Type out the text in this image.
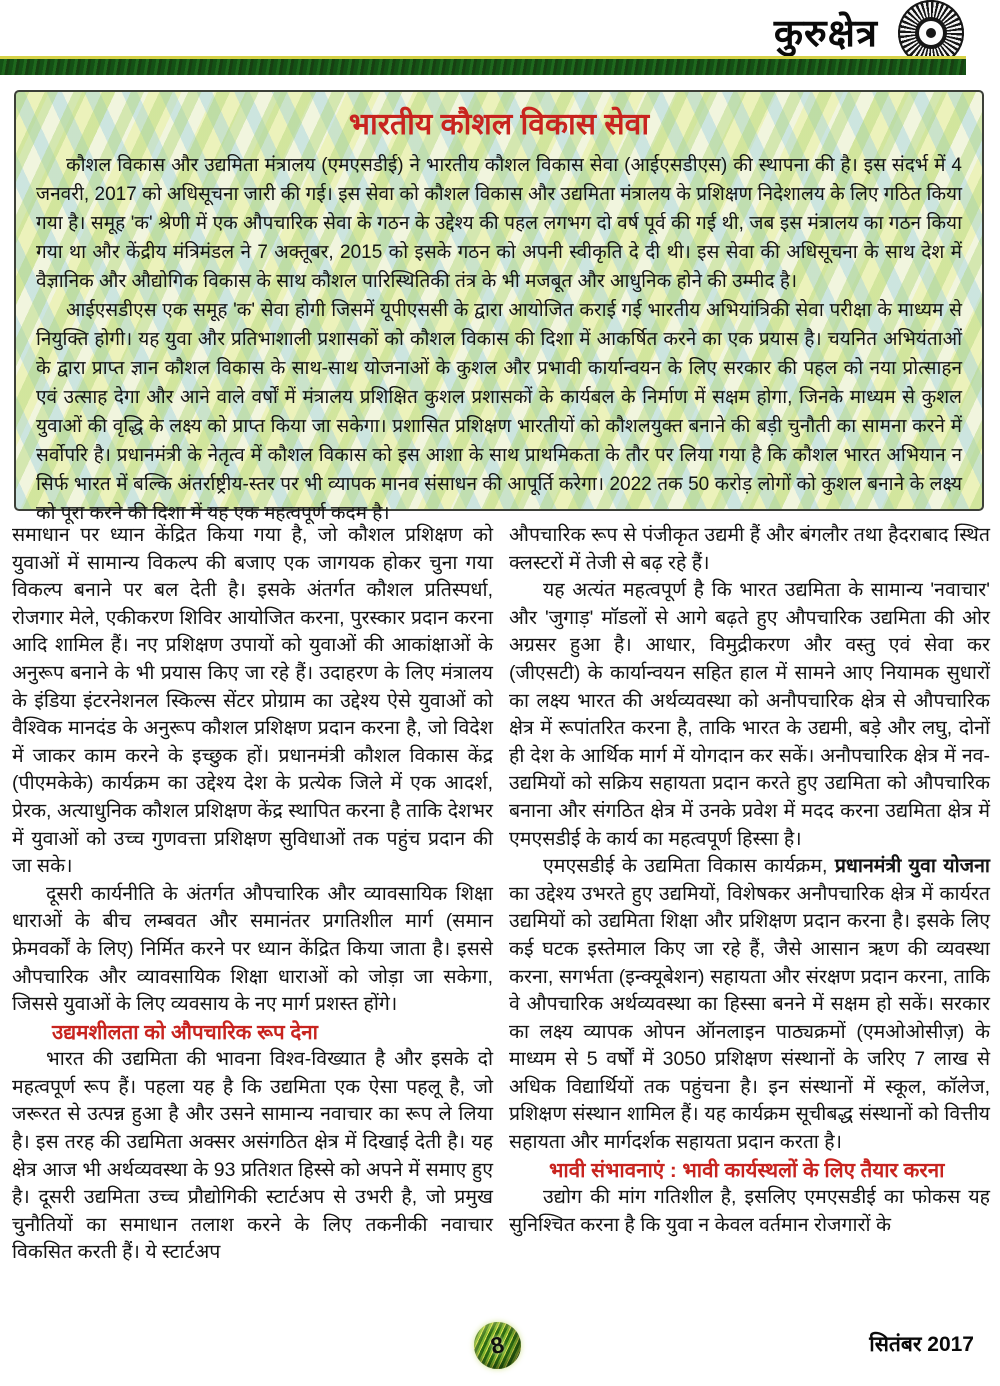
कुरुक्षेत्र
भारतीय कौशल विकास सेवा

कौशल विकास और उद्यमिता मंत्रालय (एमएसडीई) ने भारतीय कौशल विकास सेवा (आईएसडीएस) की स्थापना की है। इस संदर्भ में 4 जनवरी, 2017 को अधिसूचना जारी की गई। इस सेवा को कौशल विकास और उद्यमिता मंत्रालय के प्रशिक्षण निदेशालय के लिए गठित किया गया है। समूह 'क' श्रेणी में एक औपचारिक सेवा के गठन के उद्देश्य की पहल लगभग दो वर्ष पूर्व की गई थी, जब इस मंत्रालय का गठन किया गया था और केंद्रीय मंत्रिमंडल ने 7 अक्तूबर, 2015 को इसके गठन को अपनी स्वीकृति दे दी थी। इस सेवा की अधिसूचना के साथ देश में वैज्ञानिक और औद्योगिक विकास के साथ कौशल पारिस्थितिकी तंत्र के भी मजबूत और आधुनिक होने की उम्मीद है।

आईएसडीएस एक समूह 'क' सेवा होगी जिसमें यूपीएससी के द्वारा आयोजित कराई गई भारतीय अभियांत्रिकी सेवा परीक्षा के माध्यम से नियुक्ति होगी। यह युवा और प्रतिभाशाली प्रशासकों को कौशल विकास की दिशा में आकर्षित करने का एक प्रयास है। चयनित अभियंताओं के द्वारा प्राप्त ज्ञान कौशल विकास के साथ-साथ योजनाओं के कुशल और प्रभावी कार्यान्वयन के लिए सरकार की पहल को नया प्रोत्साहन एवं उत्साह देगा और आने वाले वर्षों में मंत्रालय प्रशिक्षित कुशल प्रशासकों के कार्यबल के निर्माण में सक्षम होगा, जिनके माध्यम से कुशल युवाओं की वृद्धि के लक्ष्य को प्राप्त किया जा सकेगा। प्रशासित प्रशिक्षण भारतीयों को कौशलयुक्त बनाने की बड़ी चुनौती का सामना करने में सर्वोपरि है। प्रधानमंत्री के नेतृत्व में कौशल विकास को इस आशा के साथ प्राथमिकता के तौर पर लिया गया है कि कौशल भारत अभियान न सिर्फ भारत में बल्कि अंतर्राष्ट्रीय-स्तर पर भी व्यापक मानव संसाधन की आपूर्ति करेगा। 2022 तक 50 करोड़ लोगों को कुशल बनाने के लक्ष्य को पूरा करने की दिशा में यह एक महत्वपूर्ण कदम है।

समाधान पर ध्यान केंद्रित किया गया है, जो कौशल प्रशिक्षण को युवाओं में सामान्य विकल्प की बजाए एक जागयक होकर चुना गया विकल्प बनाने पर बल देती है। इसके अंतर्गत कौशल प्रतिस्पर्धा, रोजगार मेले, एकीकरण शिविर आयोजित करना, पुरस्कार प्रदान करना आदि शामिल हैं। नए प्रशिक्षण उपायों को युवाओं की आकांक्षाओं के अनुरूप बनाने के भी प्रयास किए जा रहे हैं। उदाहरण के लिए मंत्रालय के इंडिया इंटरनेशनल स्किल्स सेंटर प्रोग्राम का उद्देश्य ऐसे युवाओं को वैश्विक मानदंड के अनुरूप कौशल प्रशिक्षण प्रदान करना है, जो विदेश में जाकर काम करने के इच्छुक हों। प्रधानमंत्री कौशल विकास केंद्र (पीएमकेके) कार्यक्रम का उद्देश्य देश के प्रत्येक जिले में एक आदर्श, प्रेरक, अत्याधुनिक कौशल प्रशिक्षण केंद्र स्थापित करना है ताकि देशभर में युवाओं को उच्च गुणवत्ता प्रशिक्षण सुविधाओं तक पहुंच प्रदान की जा सके।

दूसरी कार्यनीति के अंतर्गत औपचारिक और व्यावसायिक शिक्षा धाराओं के बीच लम्बवत और समानंतर प्रगतिशील मार्ग (समान फ्रेमवर्कों के लिए) निर्मित करने पर ध्यान केंद्रित किया जाता है। इससे औपचारिक और व्यावसायिक शिक्षा धाराओं को जोड़ा जा सकेगा, जिससे युवाओं के लिए व्यवसाय के नए मार्ग प्रशस्त होंगे।

उद्यमशीलता को औपचारिक रूप देना

भारत की उद्यमिता की भावना विश्व-विख्यात है और इसके दो महत्वपूर्ण रूप हैं। पहला यह है कि उद्यमिता एक ऐसा पहलू है, जो जरूरत से उत्पन्न हुआ है और उसने सामान्य नवाचार का रूप ले लिया है। इस तरह की उद्यमिता अक्सर असंगठित क्षेत्र में दिखाई देती है। यह क्षेत्र आज भी अर्थव्यवस्था के 93 प्रतिशत हिस्से को अपने में समाए हुए है। दूसरी उद्यमिता उच्च प्रौद्योगिकी स्टार्टअप से उभरी है, जो प्रमुख चुनौतियों का समाधान तलाश करने के लिए तकनीकी नवाचार विकसित करती हैं। ये स्टार्टअप

औपचारिक रूप से पंजीकृत उद्यमी हैं और बंगलौर तथा हैदराबाद स्थित क्लस्टरों में तेजी से बढ़ रहे हैं।

यह अत्यंत महत्वपूर्ण है कि भारत उद्यमिता के सामान्य 'नवाचार' और 'जुगाड़' मॉडलों से आगे बढ़ते हुए औपचारिक उद्यमिता की ओर अग्रसर हुआ है। आधार, विमुद्रीकरण और वस्तु एवं सेवा कर (जीएसटी) के कार्यान्वयन सहित हाल में सामने आए नियामक सुधारों का लक्ष्य भारत की अर्थव्यवस्था को अनौपचारिक क्षेत्र से औपचारिक क्षेत्र में रूपांतरित करना है, ताकि भारत के उद्यमी, बड़े और लघु, दोनों ही देश के आर्थिक मार्ग में योगदान कर सकें। अनौपचारिक क्षेत्र में नव-उद्यमियों को सक्रिय सहायता प्रदान करते हुए उद्यमिता को औपचारिक बनाना और संगठित क्षेत्र में उनके प्रवेश में मदद करना उद्यमिता क्षेत्र में एमएसडीई के कार्य का महत्वपूर्ण हिस्सा है।

एमएसडीई के उद्यमिता विकास कार्यक्रम, प्रधानमंत्री युवा योजना का उद्देश्य उभरते हुए उद्यमियों, विशेषकर अनौपचारिक क्षेत्र में कार्यरत उद्यमियों को उद्यमिता शिक्षा और प्रशिक्षण प्रदान करना है। इसके लिए कई घटक इस्तेमाल किए जा रहे हैं, जैसे आसान ऋण की व्यवस्था करना, सगर्भता (इन्क्यूबेशन) सहायता और संरक्षण प्रदान करना, ताकि वे औपचारिक अर्थव्यवस्था का हिस्सा बनने में सक्षम हो सकें। सरकार का लक्ष्य व्यापक ओपन ऑनलाइन पाठ्यक्रमों (एमओओसीज़) के माध्यम से 5 वर्षों में 3050 प्रशिक्षण संस्थानों के जरिए 7 लाख से अधिक विद्यार्थियों तक पहुंचना है। इन संस्थानों में स्कूल, कॉलेज, प्रशिक्षण संस्थान शामिल हैं। यह कार्यक्रम सूचीबद्ध संस्थानों को वित्तीय सहायता और मार्गदर्शक सहायता प्रदान करता है।

भावी संभावनाएं : भावी कार्यस्थलों के लिए तैयार करना

उद्योग की मांग गतिशील है, इसलिए एमएसडीई का फोकस यह सुनिश्चित करना है कि युवा न केवल वर्तमान रोजगारों के

8	सितंबर 2017
